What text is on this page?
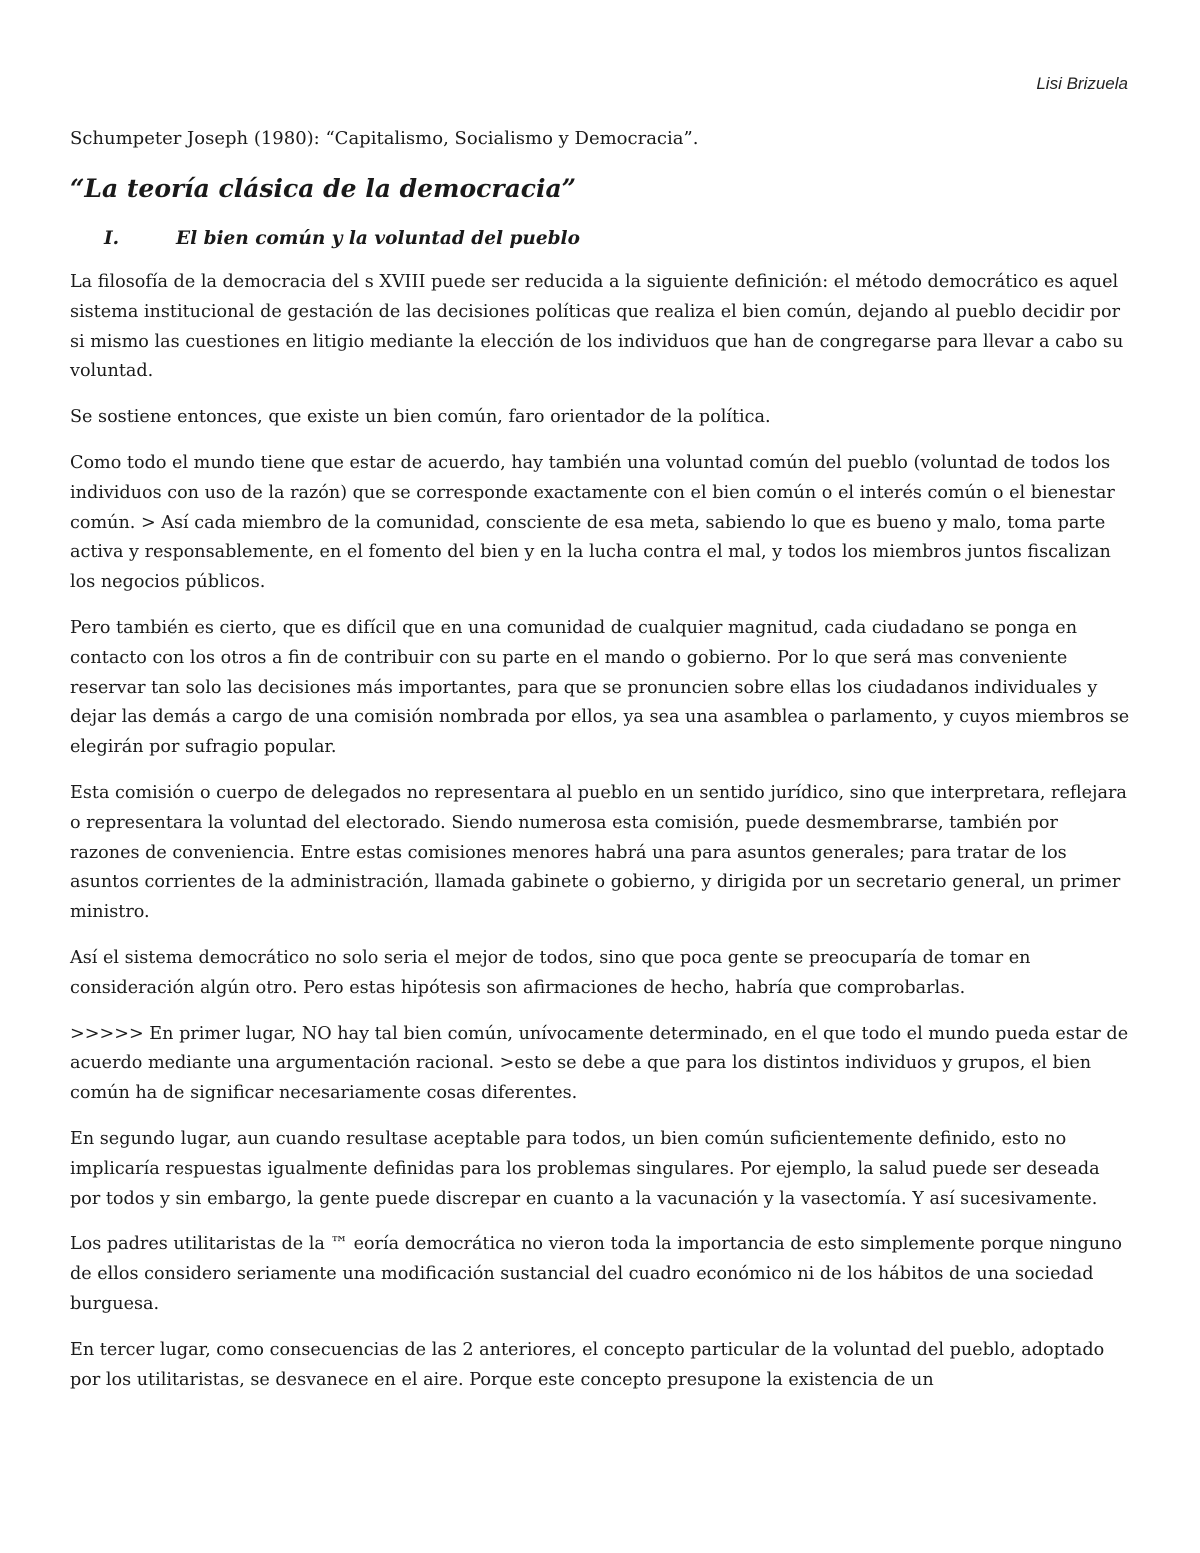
Lisi Brizuela
Schumpeter Joseph (1980): “Capitalismo, Socialismo y Democracia”.
“La teoría clásica de la democracia”
I.	El bien común y la voluntad del pueblo

La filosofía de la democracia del s XVIII puede ser reducida a la siguiente definición: el método democrático es aquel sistema institucional de gestación de las decisiones políticas que realiza el bien común, dejando al pueblo decidir por si mismo las cuestiones en litigio mediante la elección de los individuos que han de congregarse para llevar a cabo su voluntad.

Se sostiene entonces, que existe un bien común, faro orientador de la política.

Como todo el mundo tiene que estar de acuerdo, hay también una voluntad común del pueblo (voluntad de todos los individuos con uso de la razón) que se corresponde exactamente con el bien común o el interés común o el bienestar común. > Así cada miembro de la comunidad, consciente de esa meta, sabiendo lo que es bueno y malo, toma parte activa y responsablemente, en el fomento del bien y en la lucha contra el mal, y todos los miembros juntos fiscalizan los negocios públicos.

Pero también es cierto, que es difícil que en una comunidad de cualquier magnitud, cada ciudadano se ponga en contacto con los otros a fin de contribuir con su parte en el mando o gobierno. Por lo que será mas conveniente reservar tan solo las decisiones más importantes, para que se pronuncien sobre ellas los ciudadanos individuales y dejar las demás a cargo de una comisión nombrada por ellos, ya sea una asamblea o parlamento, y cuyos miembros se elegirán por sufragio popular.

Esta comisión o cuerpo de delegados no representara al pueblo en un sentido jurídico, sino que interpretara, reflejara o representara la voluntad del electorado. Siendo numerosa esta comisión, puede desmembrarse, también por razones de conveniencia. Entre estas comisiones menores habrá una para asuntos generales; para tratar de los asuntos corrientes de la administración, llamada gabinete o gobierno, y dirigida por un secretario general, un primer ministro.

Así el sistema democrático no solo seria el mejor de todos, sino que poca gente se preocuparía de tomar en consideración algún otro. Pero estas hipótesis son afirmaciones de hecho, habría que comprobarlas.

>>>>> En primer lugar, NO hay tal bien común, unívocamente determinado, en el que todo el mundo pueda estar de acuerdo mediante una argumentación racional. >esto se debe a que para los distintos individuos y grupos, el bien común ha de significar necesariamente cosas diferentes.

En segundo lugar, aun cuando resultase aceptable para todos, un bien común suficientemente definido, esto no implicaría respuestas igualmente definidas para los problemas singulares. Por ejemplo, la salud puede ser deseada por todos y sin embargo, la gente puede discrepar en cuanto a la vacunación y la vasectomía. Y así sucesivamente.

Los padres utilitaristas de la ™ eoría democrática no vieron toda la importancia de esto simplemente porque ninguno de ellos considero seriamente una modificación sustancial del cuadro económico ni de los hábitos de una sociedad burguesa.

En tercer lugar, como consecuencias de las 2 anteriores, el concepto particular de la voluntad del pueblo, adoptado por los utilitaristas, se desvanece en el aire. Porque este concepto presupone la existencia de un
